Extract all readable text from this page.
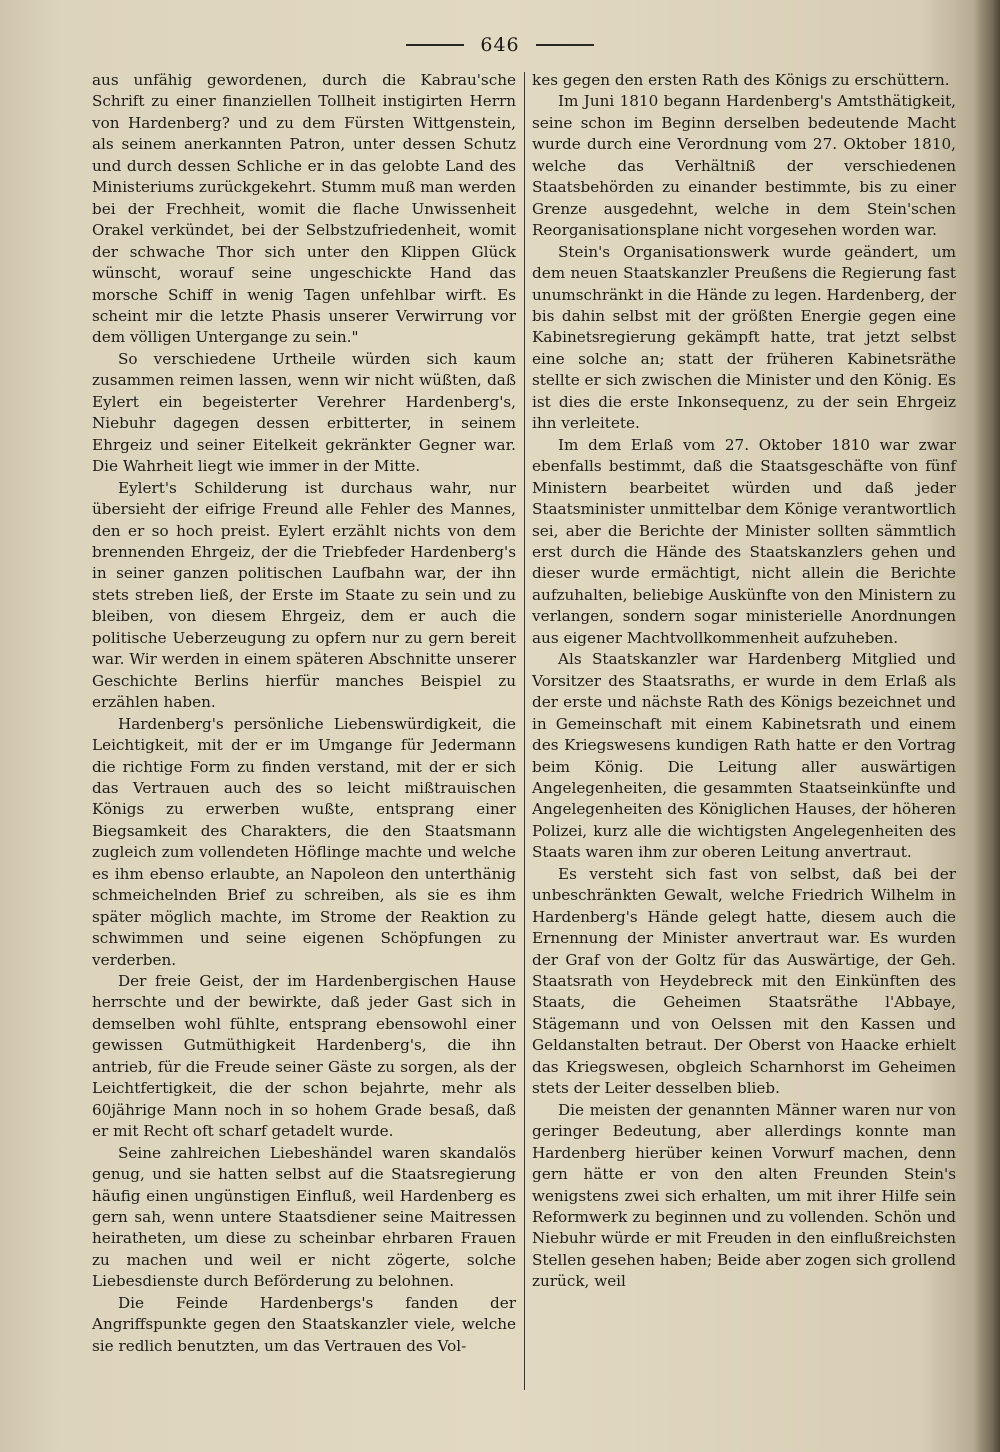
646

aus unfähig gewordenen, durch die Kabrau'sche Schrift zu einer finanziellen Tollheit instigirten Herrn von Hardenberg? und zu dem Fürsten Wittgenstein, als seinem anerkannten Patron, unter dessen Schutz und durch dessen Schliche er in das gelobte Land des Ministeriums zurückgekehrt. Stumm muß man werden bei der Frechheit, womit die flache Unwissenheit Orakel verkündet, bei der Selbstzufriedenheit, womit der schwache Thor sich unter den Klippen Glück wünscht, worauf seine ungeschickte Hand das morsche Schiff in wenig Tagen unfehlbar wirft. Es scheint mir die letzte Phasis unserer Verwirrung vor dem völligen Untergange zu sein."

So verschiedene Urtheile würden sich kaum zusammen reimen lassen, wenn wir nicht wüßten, daß Eylert ein begeisterter Verehrer Hardenberg's, Niebuhr dagegen dessen erbitterter, in seinem Ehrgeiz und seiner Eitelkeit gekränkter Gegner war. Die Wahrheit liegt wie immer in der Mitte.

Eylert's Schilderung ist durchaus wahr, nur übersieht der eifrige Freund alle Fehler des Mannes, den er so hoch preist. Eylert erzählt nichts von dem brennenden Ehrgeiz, der die Triebfeder Hardenberg's in seiner ganzen politischen Laufbahn war, der ihn stets streben ließ, der Erste im Staate zu sein und zu bleiben, von diesem Ehrgeiz, dem er auch die politische Ueberzeugung zu opfern nur zu gern bereit war. Wir werden in einem späteren Abschnitte unserer Geschichte Berlins hierfür manches Beispiel zu erzählen haben.

Hardenberg's persönliche Liebenswürdigkeit, die Leichtigkeit, mit der er im Umgange für Jedermann die richtige Form zu finden verstand, mit der er sich das Vertrauen auch des so leicht mißtrauischen Königs zu erwerben wußte, entsprang einer Biegsamkeit des Charakters, die den Staatsmann zugleich zum vollendeten Höflinge machte und welche es ihm ebenso erlaubte, an Napoleon den unterthänig schmeichelnden Brief zu schreiben, als sie es ihm später möglich machte, im Strome der Reaktion zu schwimmen und seine eigenen Schöpfungen zu verderben.

Der freie Geist, der im Hardenbergischen Hause herrschte und der bewirkte, daß jeder Gast sich in demselben wohl fühlte, entsprang ebensowohl einer gewissen Gutmüthigkeit Hardenberg's, die ihn antrieb, für die Freude seiner Gäste zu sorgen, als der Leichtfertigkeit, die der schon bejahrte, mehr als 60jährige Mann noch in so hohem Grade besaß, daß er mit Recht oft scharf getadelt wurde.

Seine zahlreichen Liebeshändel waren skandalös genug, und sie hatten selbst auf die Staatsregierung häufig einen ungünstigen Einfluß, weil Hardenberg es gern sah, wenn untere Staatsdiener seine Maitressen heiratheten, um diese zu scheinbar ehrbaren Frauen zu machen und weil er nicht zögerte, solche Liebesdienste durch Beförderung zu belohnen.

Die Feinde Hardenbergs's fanden der Angriffspunkte gegen den Staatskanzler viele, welche sie redlich benutzten, um das Vertrauen des Vol-

kes gegen den ersten Rath des Königs zu erschüttern.

Im Juni 1810 begann Hardenberg's Amtsthätigkeit, seine schon im Beginn derselben bedeutende Macht wurde durch eine Verordnung vom 27. Oktober 1810, welche das Verhältniß der verschiedenen Staatsbehörden zu einander bestimmte, bis zu einer Grenze ausgedehnt, welche in dem Stein'schen Reorganisationsplane nicht vorgesehen worden war.

Stein's Organisationswerk wurde geändert, um dem neuen Staatskanzler Preußens die Regierung fast unumschränkt in die Hände zu legen. Hardenberg, der bis dahin selbst mit der größten Energie gegen eine Kabinetsregierung gekämpft hatte, trat jetzt selbst eine solche an; statt der früheren Kabinetsräthe stellte er sich zwischen die Minister und den König. Es ist dies die erste Inkonsequenz, zu der sein Ehrgeiz ihn verleitete.

Im dem Erlaß vom 27. Oktober 1810 war zwar ebenfalls bestimmt, daß die Staatsgeschäfte von fünf Ministern bearbeitet würden und daß jeder Staatsminister unmittelbar dem Könige verantwortlich sei, aber die Berichte der Minister sollten sämmtlich erst durch die Hände des Staatskanzlers gehen und dieser wurde ermächtigt, nicht allein die Berichte aufzuhalten, beliebige Auskünfte von den Ministern zu verlangen, sondern sogar ministerielle Anordnungen aus eigener Machtvollkommenheit aufzuheben.

Als Staatskanzler war Hardenberg Mitglied und Vorsitzer des Staatsraths, er wurde in dem Erlaß als der erste und nächste Rath des Königs bezeichnet und in Gemeinschaft mit einem Kabinetsrath und einem des Kriegswesens kundigen Rath hatte er den Vortrag beim König. Die Leitung aller auswärtigen Angelegenheiten, die gesammten Staatseinkünfte und Angelegenheiten des Königlichen Hauses, der höheren Polizei, kurz alle die wichtigsten Angelegenheiten des Staats waren ihm zur oberen Leitung anvertraut.

Es versteht sich fast von selbst, daß bei der unbeschränkten Gewalt, welche Friedrich Wilhelm in Hardenberg's Hände gelegt hatte, diesem auch die Ernennung der Minister anvertraut war. Es wurden der Graf von der Goltz für das Auswärtige, der Geh. Staatsrath von Heydebreck mit den Einkünften des Staats, die Geheimen Staatsräthe l'Abbaye, Stägemann und von Oelssen mit den Kassen und Geldanstalten betraut. Der Oberst von Haacke erhielt das Kriegswesen, obgleich Scharnhorst im Geheimen stets der Leiter desselben blieb.

Die meisten der genannten Männer waren nur von geringer Bedeutung, aber allerdings konnte man Hardenberg hierüber keinen Vorwurf machen, denn gern hätte er von den alten Freunden Stein's wenigstens zwei sich erhalten, um mit ihrer Hilfe sein Reformwerk zu beginnen und zu vollenden. Schön und Niebuhr würde er mit Freuden in den einflußreichsten Stellen gesehen haben; Beide aber zogen sich grollend zurück, weil
